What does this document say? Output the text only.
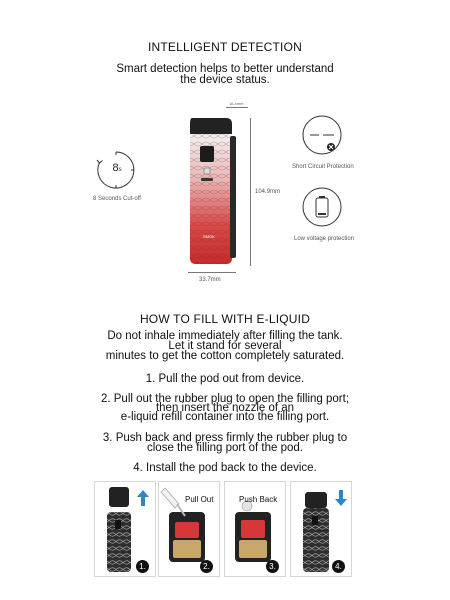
INTELLIGENT DETECTION
Smart detection helps to better understand
the device status.
8s
8 Seconds Cut-off
SMOK
16.4mm
104.9mm
33.7mm
Short Circuit Protection
Low voltage protection
HOW TO FILL WITH E-LIQUID
Do not inhale immediately after filling the tank.
Let it stand for several
minutes to get the cotton completely saturated.
1. Pull the pod out from device.
2. Pull out the rubber plug to open the filling port;
then insert the nozzle of an
e-liquid refill container into the filling port.
3. Push back and press firmly the rubber plug to
close the filling port of the pod.
4. Install the pod back to the device.
1.
Pull Out
2.
Push Back
3.	4.
